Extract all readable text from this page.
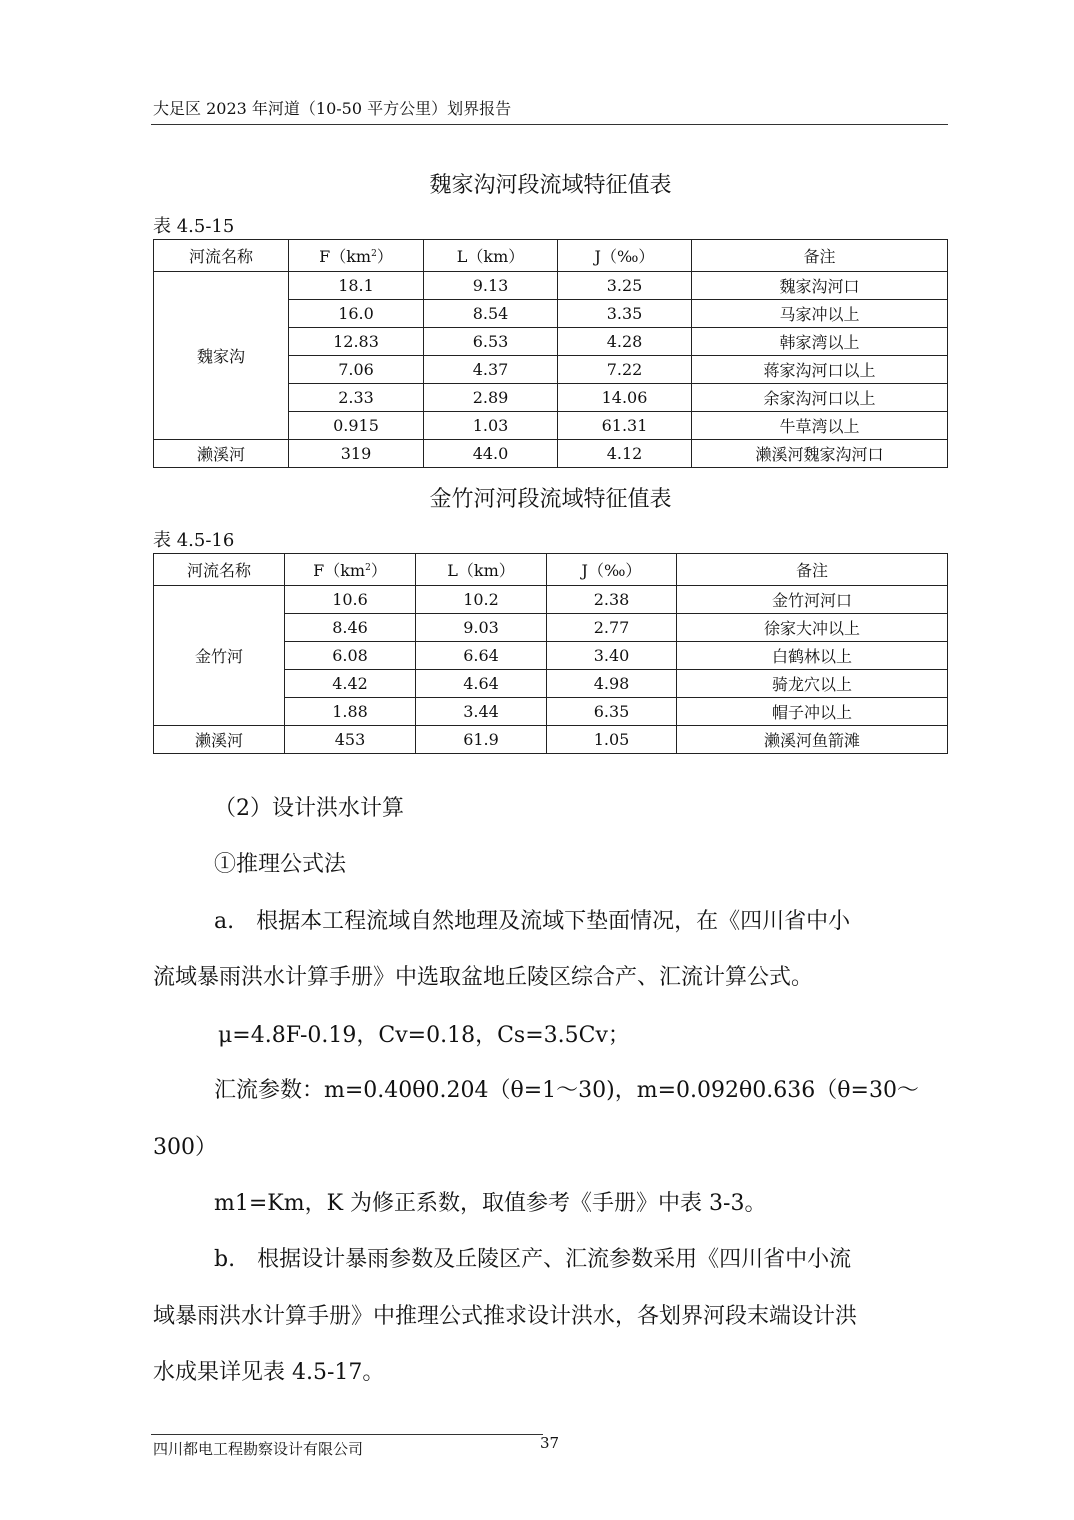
大足区 2023 年河道（10-50 平方公里）划界报告
魏家沟河段流域特征值表
表 4.5-15
河流名称	$F(km^2)$	L（km）	J（‰）	备注
魏家沟	18.1	9.13	3.25	魏家沟河口
	16.0	8.54	3.35	马家冲以上
	12.83	6.53	4.28	韩家湾以上
	7.06	4.37	7.22	蒋家沟河口以上
	2.33	2.89	14.06	余家沟河口以上
	0.915	1.03	61.31	牛草湾以上
濑溪河	319	44.0	4.12	濑溪河魏家沟河口
金竹河河段流域特征值表
表 4.5-16
河流名称	$F(km^2)$	L（km）	J（‰）	备注
金竹河	10.6	10.2	2.38	金竹河河口
	8.46	9.03	2.77	徐家大冲以上
	6.08	6.64	3.40	白鹤林以上
	4.42	4.64	4.98	骑龙穴以上
	1.88	3.44	6.35	帽子冲以上
濑溪河	453	61.9	1.05	濑溪河鱼箭滩
（2）设计洪水计算
①推理公式法
a.　根据本工程流域自然地理及流域下垫面情况，在《四川省中小
流域暴雨洪水计算手册》中选取盆地丘陵区综合产、汇流计算公式。
μ=4.8F-0.19，Cv=0.18，Cs=3.5Cv；
汇流参数：m=0.40θ0.204（θ=1～30)，m=0.092θ0.636（θ=30～
300）
m1=Km，K 为修正系数，取值参考《手册》中表 3-3。
b.　根据设计暴雨参数及丘陵区产、汇流参数采用《四川省中小流
域暴雨洪水计算手册》中推理公式推求设计洪水，各划界河段末端设计洪
水成果详见表 4.5-17。
四川都电工程勘察设计有限公司	37
